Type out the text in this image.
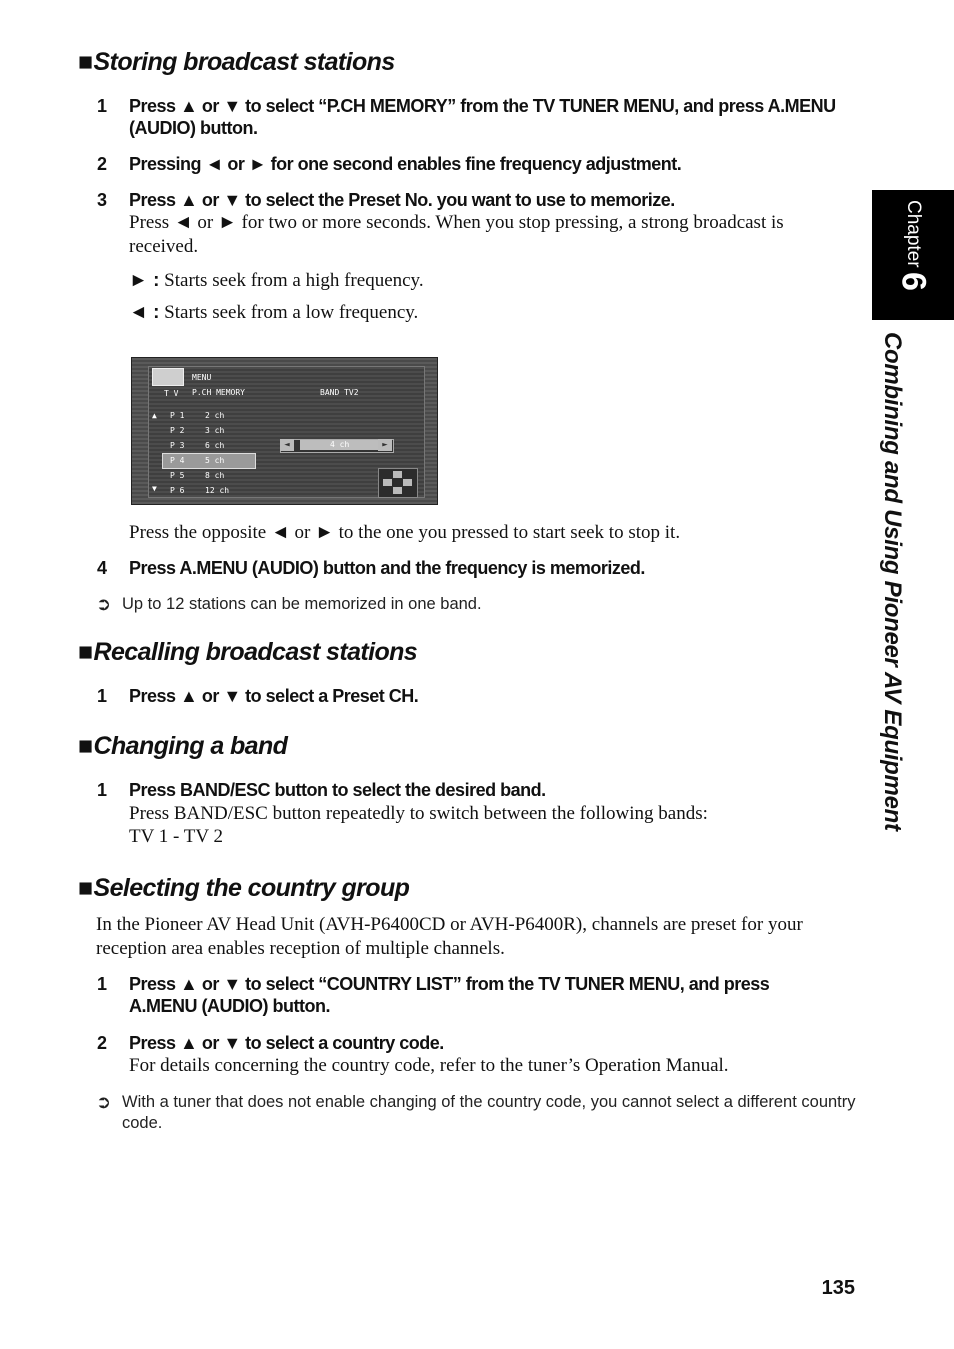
Chapter
6
Combining and Using Pioneer AV Equipment
■Storing broadcast stations
1 Press ▲ or ▼ to select “P.CH MEMORY” from the TV TUNER MENU, and press A.MENU (AUDIO) button.
2 Pressing ◄ or ► for one second enables fine frequency adjustment.
3 Press ▲ or ▼ to select the Preset No. you want to use to memorize.
Press ◄ or ► for two or more seconds. When you stop pressing, a strong broadcast is received.
► : Starts seek from a high frequency.
◄ : Starts seek from a low frequency.
MENU
T V P.CH MEMORY	BAND TV2
▲
▼
P 1	2 ch
P 2	3 ch
P 3	6 ch
P 4	5 ch
P 5	8 ch
P 6	12 ch
◄	►
4 ch
Press the opposite ◄ or ► to the one you pressed to start seek to stop it.
4 Press A.MENU (AUDIO) button and the frequency is memorized.
➲ Up to 12 stations can be memorized in one band.
■Recalling broadcast stations
1 Press ▲ or ▼ to select a Preset CH.
■Changing a band
1 Press BAND/ESC button to select the desired band.
Press BAND/ESC button repeatedly to switch between the following bands:
TV 1 - TV 2
■Selecting the country group
In the Pioneer AV Head Unit (AVH-P6400CD or AVH-P6400R), channels are preset for your reception area enables reception of multiple channels.
1 Press ▲ or ▼ to select “COUNTRY LIST” from the TV TUNER MENU, and press A.MENU (AUDIO) button.
2 Press ▲ or ▼ to select a country code.
For details concerning the country code, refer to the tuner’s Operation Manual.
➲ With a tuner that does not enable changing of the country code, you cannot select a different country code.
135
